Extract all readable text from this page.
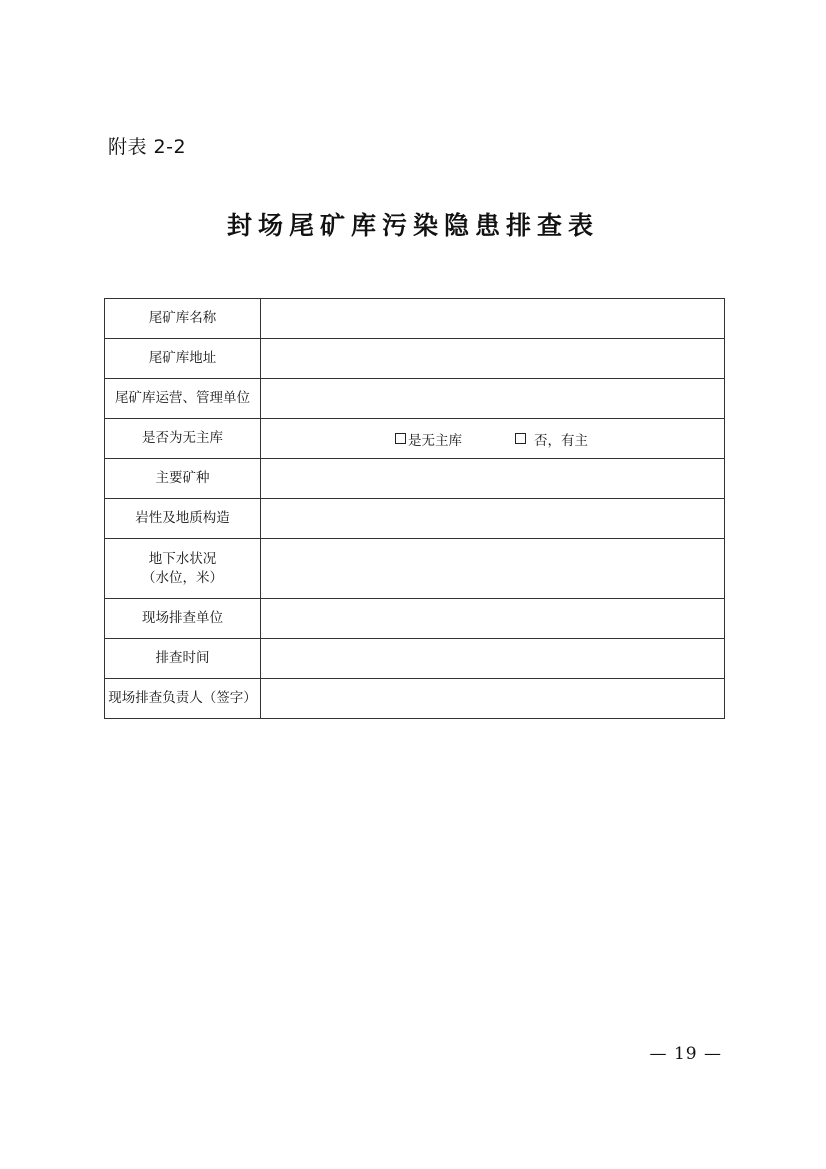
附表 2-2
封场尾矿库污染隐患排查表
尾矿库名称	
尾矿库地址	
尾矿库运营、管理单位	
是否为无主库	是无主库 否，有主

主要矿种	
岩性及地质构造	

地下水状况
（水位，米）	

现场排查单位	
排查时间	
现场排查负责人（签字）	
— 19 —
